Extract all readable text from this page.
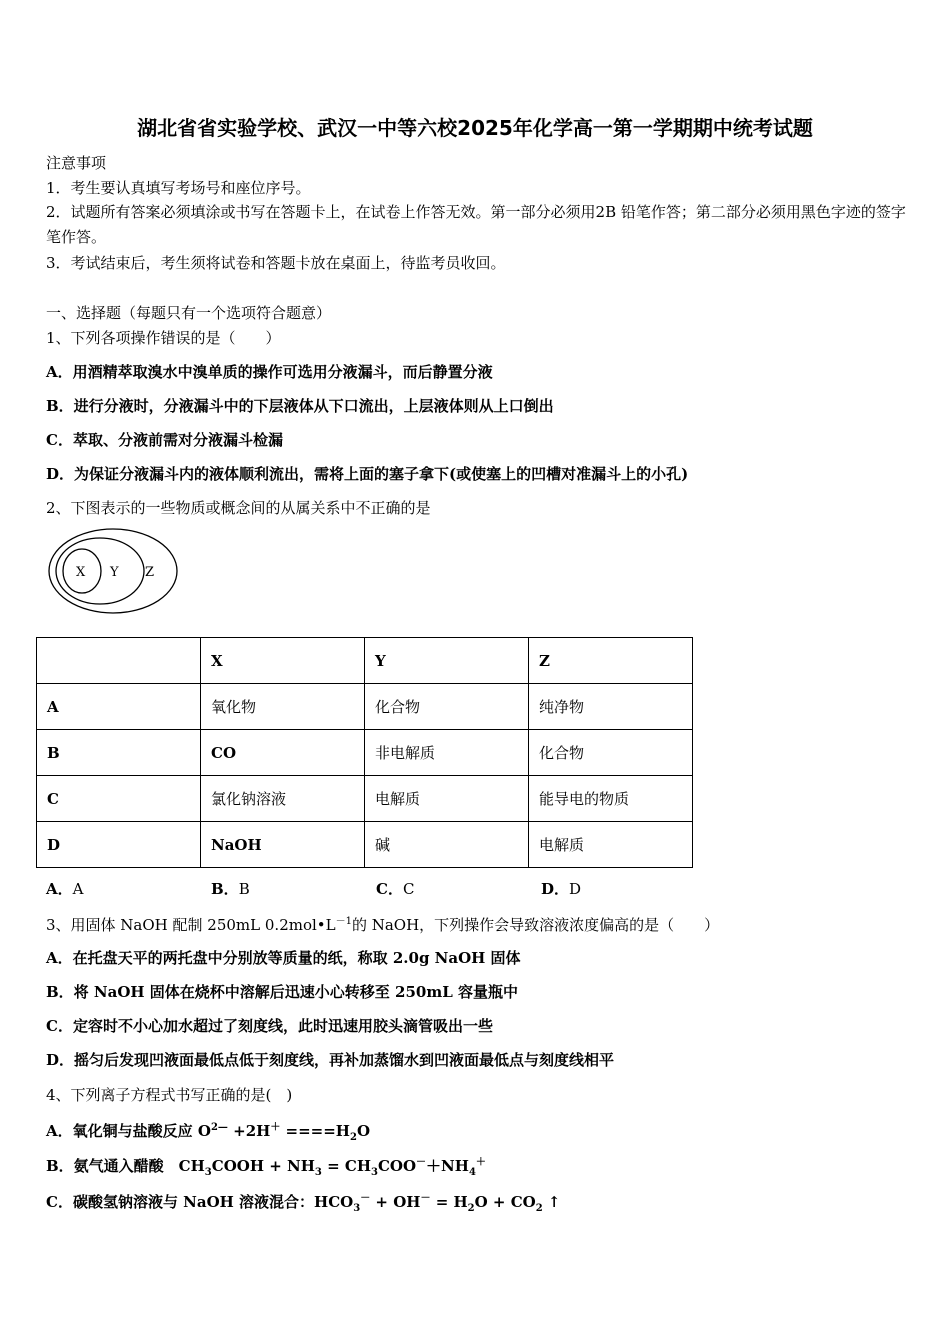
湖北省省实验学校、武汉一中等六校2025年化学高一第一学期期中统考试题
注意事项
1．考生要认真填写考场号和座位序号。
2．试题所有答案必须填涂或书写在答题卡上，在试卷上作答无效。第一部分必须用2B 铅笔作答；第二部分必须用黑色字迹的签字笔作答。
3．考试结束后，考生须将试卷和答题卡放在桌面上，待监考员收回。
一、选择题（每题只有一个选项符合题意）
1、下列各项操作错误的是（　　）
A．用酒精萃取溴水中溴单质的操作可选用分液漏斗，而后静置分液
B．进行分液时，分液漏斗中的下层液体从下口流出，上层液体则从上口倒出
C．萃取、分液前需对分液漏斗检漏
D．为保证分液漏斗内的液体顺利流出，需将上面的塞子拿下(或使塞上的凹槽对准漏斗上的小孔)
2、下图表示的一些物质或概念间的从属关系中不正确的是
X Y Z
	X	Y	Z
A	氧化物	化合物	纯净物
B	CO	非电解质	化合物
C	氯化钠溶液	电解质	能导电的物质
D	NaOH	碱	电解质
A．A	B．B	C．C	D．D
3、用固体 NaOH 配制 250mL $0.2mol•L^{-1}$的 NaOH，下列操作会导致溶液浓度偏高的是（　　）
A．在托盘天平的两托盘中分别放等质量的纸，称取 2.0g NaOH 固体
B．将 NaOH 固体在烧杯中溶解后迅速小心转移至 250mL 容量瓶中
C．定容时不小心加水超过了刻度线，此时迅速用胶头滴管吸出一些
D．摇匀后发现凹液面最低点低于刻度线，再补加蒸馏水到凹液面最低点与刻度线相平
4、下列离子方程式书写正确的是(　)
A．氧化铜与盐酸反应 $O^{2—} +2H^+ ====H_2O$
B．氨气通入醋酸　$CH_3COOH + NH_3 = CH_3COO^-+NH_4^+$
C．碳酸氢钠溶液与 NaOH 溶液混合：$HCO_3^- + OH^- = H_2O + CO_2$ ↑
